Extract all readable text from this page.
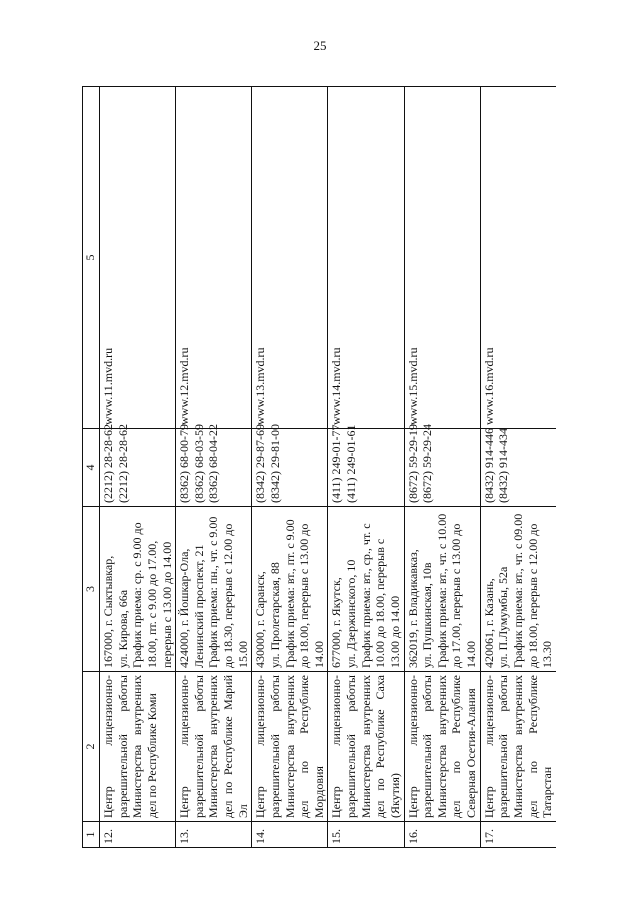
25
1	2	3	4	5
12.	Центр лицензионно-разрешительной работы Министерства внутренних дел по Республике Коми	167000, г. Сыктывкар, ул. Кирова, 66а График приема: ср. с 9.00 до 18.00, пт. с 9.00 до 17.00, перерыв с 13.00 до 14.00	(2212) 28-28-62 (2212) 28-28-62	www.11.mvd.ru
13.	Центр лицензионно-разрешительной работы Министерства внутренних дел по Республике Марий Эл	424000, г. Йошкар-Ола, Ленинский проспект, 21 График приема: пн., чт. с 9.00 до 18.30, перерыв с 12.00 до 15.00	(8362) 68-00-79 (8362) 68-03-59 (8362) 68-04-22	www.12.mvd.ru
14.	Центр лицензионно-разрешительной работы Министерства внутренних дел по Республике Мордовия	430000, г. Саранск, ул. Пролетарская, 88 График приема: вт., пт. с 9.00 до 18.00, перерыв с 13.00 до 14.00	(8342) 29-87-69 (8342) 29-81-00	www.13.mvd.ru
15.	Центр лицензионно-разрешительной работы Министерства внутренних дел по Республике Саха (Якутия)	677000, г. Якутск, ул. Дзержинского, 10 График приема: вт., ср., чт. с 10.00 до 18.00, перерыв с 13.00 до 14.00	(411) 249-01-77 (411) 249-01-61	www.14.mvd.ru
16.	Центр лицензионно-разрешительной работы Министерства внутренних дел по Республике Северная Осетия-Алания	362019, г. Владикавказ, ул. Пушкинская, 10в График приема: вт., чт. с 10.00 до 17.00, перерыв с 13.00 до 14.00	(8672) 59-29-19 (8672) 59-29-24	www.15.mvd.ru
17.	Центр лицензионно-разрешительной работы Министерства внутренних дел по Республике Татарстан	420061, г. Казань, ул. П.Лумумбы, 52а График приема: вт., чт. с 09.00 до 18.00, перерыв с 12.00 до 13.30	(8432) 914-446 (8432) 914-434	www.16.mvd.ru
